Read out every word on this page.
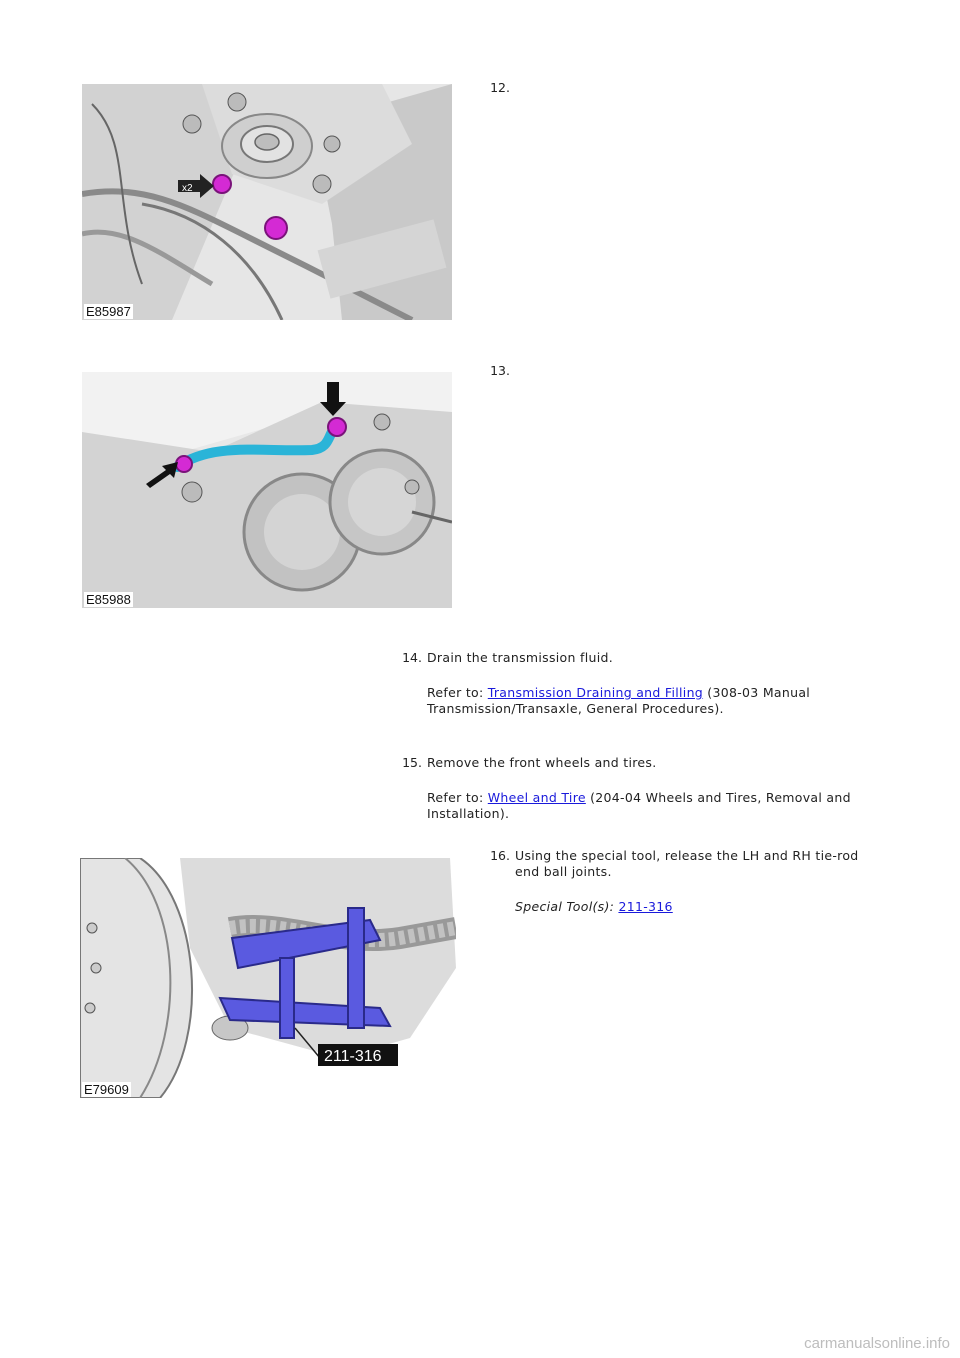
x2
E85987
12.
E85988
13.
14. Drain the transmission fluid.
Refer to: Transmission Draining and Filling (308-03 Manual Transmission/Transaxle, General Procedures).
15. Remove the front wheels and tires.
Refer to: Wheel and Tire (204-04 Wheels and Tires, Removal and Installation).
211-316
E79609
16. Using the special tool, release the LH and RH tie-rod end ball joints.
Special Tool(s): 211-316
carmanualsonline.info
